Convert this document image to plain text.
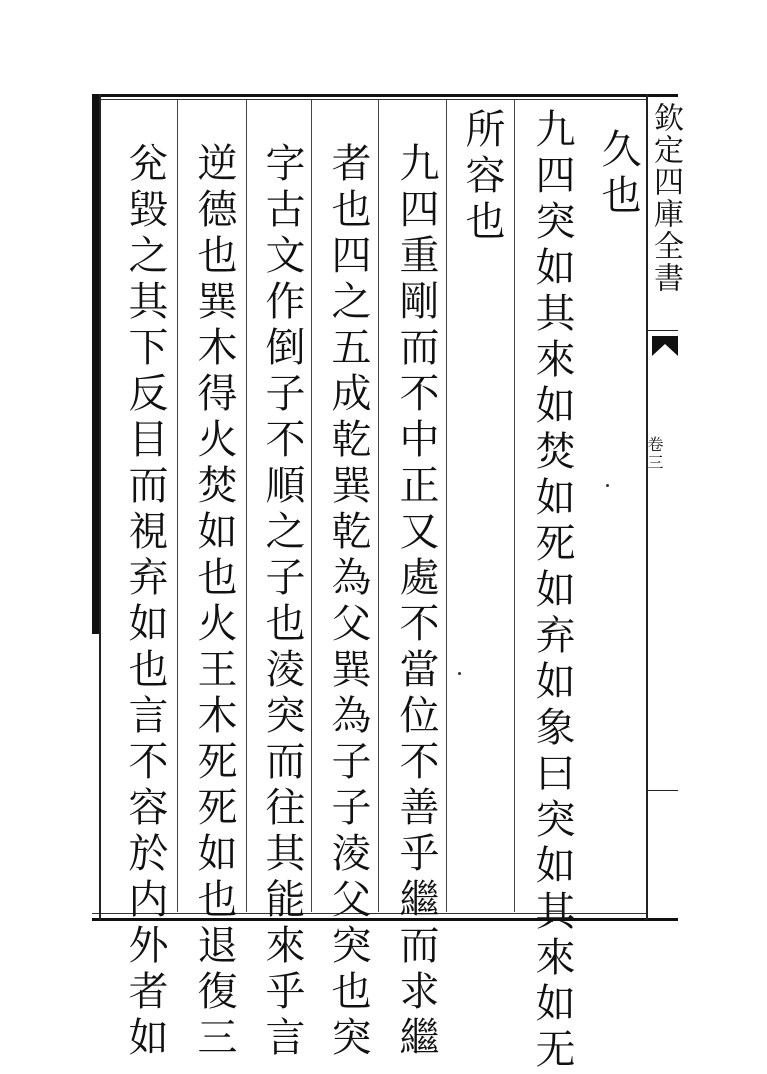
欽定四庫全書
卷三
久也
九四突如其來如焚如死如弃如象曰突如其來如无
所容也
九四重剛而不中正又處不當位不善乎繼而求繼
者也四之五成乾巽乾為父巽為子子淩父突也突
字古文作倒子不順之子也淩突而往其能來乎言
逆德也巽木得火焚如也火王木死死如也退復三
兊毀之其下反目而視弃如也言不容於内外者如
